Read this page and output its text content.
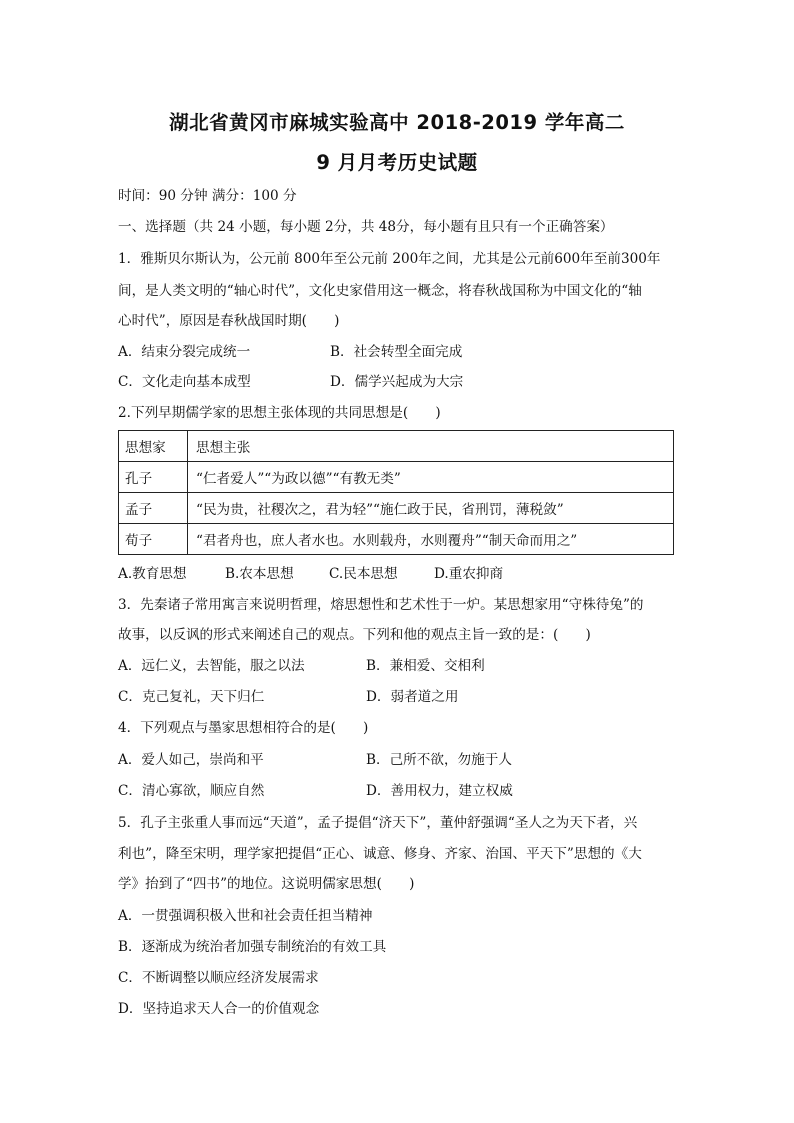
湖北省黄冈市麻城实验高中 2018-2019 学年高二
9 月月考历史试题
时间：90 分钟 满分：100 分
一、选择题（共 24 小题，每小题 2分，共 48分，每小题有且只有一个正确答案）
1．雅斯贝尔斯认为，公元前 800年至公元前 200年之间，尤其是公元前600年至前300年
间，是人类文明的“轴心时代”，文化史家借用这一概念，将春秋战国称为中国文化的“轴
心时代”，原因是春秋战国时期(　　)
A．结束分裂完成统一	B．社会转型全面完成
C．文化走向基本成型	D．儒学兴起成为大宗
2.下列早期儒学家的思想主张体现的共同思想是(　　)
思想家	思想主张
孔子	“仁者爱人”“为政以德”“有教无类”
孟子	“民为贵，社稷次之，君为轻”“施仁政于民，省刑罚，薄税敛”
荀子	“君者舟也，庶人者水也。水则载舟，水则覆舟”“制天命而用之”
A.教育思想	B.农本思想	C.民本思想	D.重农抑商
3．先秦诸子常用寓言来说明哲理，熔思想性和艺术性于一炉。某思想家用“守株待兔”的
故事，以反讽的形式来阐述自己的观点。下列和他的观点主旨一致的是：(　　)
A．远仁义，去智能，服之以法	B．兼相爱、交相利
C．克己复礼，天下归仁	D．弱者道之用
4．下列观点与墨家思想相符合的是(　　)
A．爱人如己，崇尚和平	B．己所不欲，勿施于人
C．清心寡欲，顺应自然	D．善用权力，建立权威
5．孔子主张重人事而远“天道”，孟子提倡“济天下”，董仲舒强调“圣人之为天下者，兴
利也”，降至宋明，理学家把提倡“正心、诚意、修身、齐家、治国、平天下”思想的《大
学》抬到了“四书”的地位。这说明儒家思想(　　)
A．一贯强调积极入世和社会责任担当精神
B．逐渐成为统治者加强专制统治的有效工具
C．不断调整以顺应经济发展需求
D．坚持追求天人合一的价值观念
